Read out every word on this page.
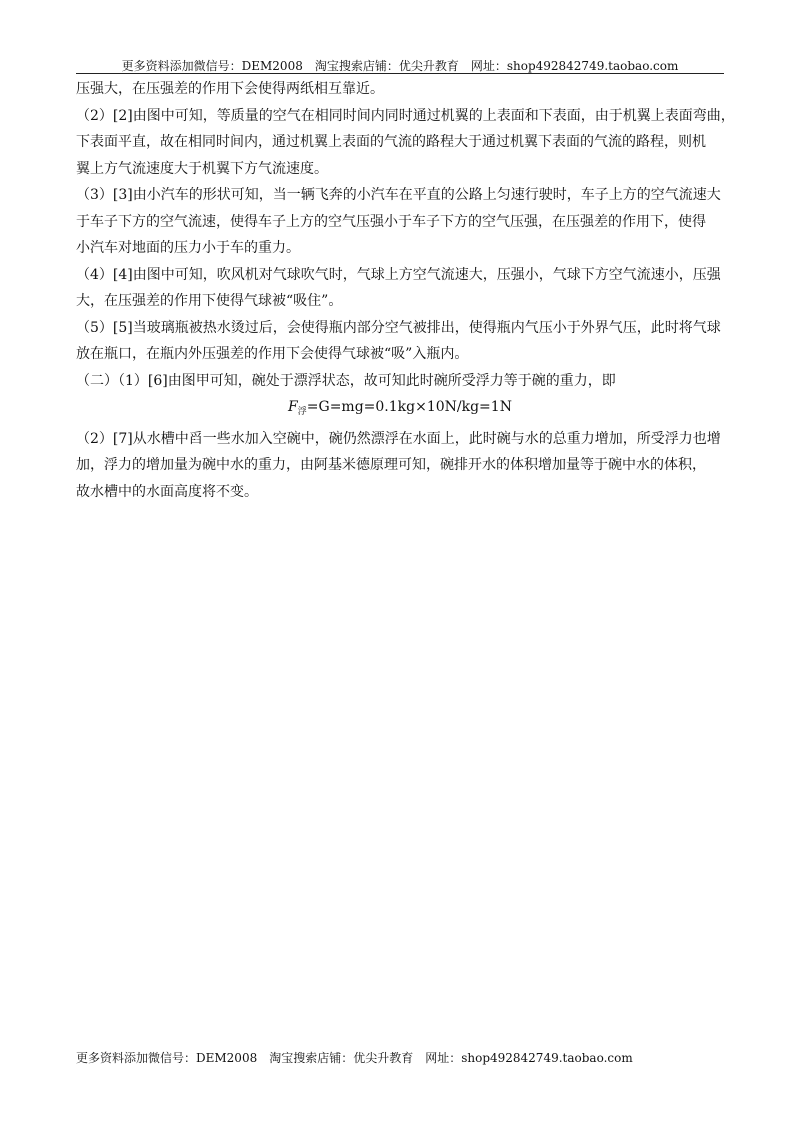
更多资料添加微信号：DEM2008　淘宝搜索店铺：优尖升教育　网址：shop492842749.taobao.com
压强大，在压强差的作用下会使得两纸相互靠近。
（2）[2]由图中可知，等质量的空气在相同时间内同时通过机翼的上表面和下表面，由于机翼上表面弯曲，
下表面平直，故在相同时间内，通过机翼上表面的气流的路程大于通过机翼下表面的气流的路程，则机
翼上方气流速度大于机翼下方气流速度。
（3）[3]由小汽车的形状可知，当一辆飞奔的小汽车在平直的公路上匀速行驶时，车子上方的空气流速大
于车子下方的空气流速，使得车子上方的空气压强小于车子下方的空气压强，在压强差的作用下，使得
小汽车对地面的压力小于车的重力。
（4）[4]由图中可知，吹风机对气球吹气时，气球上方空气流速大，压强小，气球下方空气流速小，压强
大，在压强差的作用下使得气球被“吸住”。
（5）[5]当玻璃瓶被热水烫过后，会使得瓶内部分空气被排出，使得瓶内气压小于外界气压，此时将气球
放在瓶口，在瓶内外压强差的作用下会使得气球被“吸”入瓶内。
（二）（1）[6]由图甲可知，碗处于漂浮状态，故可知此时碗所受浮力等于碗的重力，即
$F_浮=G=mg=0.1kg\times 10N/kg=1N$
（2）[7]从水槽中舀一些水加入空碗中，碗仍然漂浮在水面上，此时碗与水的总重力增加，所受浮力也增
加，浮力的增加量为碗中水的重力，由阿基米德原理可知，碗排开水的体积增加量等于碗中水的体积，
故水槽中的水面高度将不变。
更多资料添加微信号：DEM2008　淘宝搜索店铺：优尖升教育　网址：shop492842749.taobao.com
